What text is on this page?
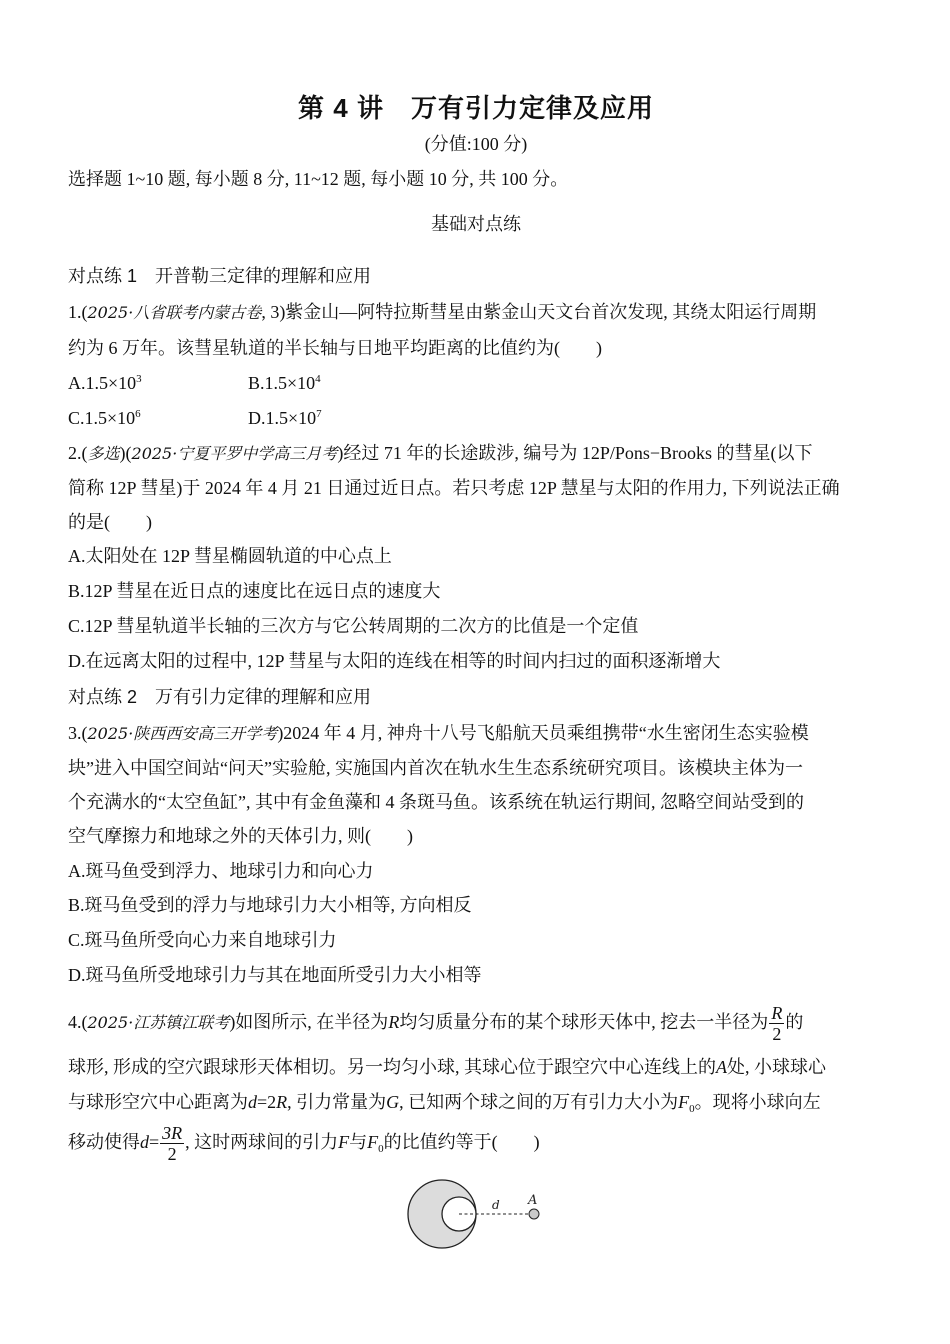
第 4 讲　万有引力定律及应用
(分值:100 分)
选择题 1~10 题, 每小题 8 分, 11~12 题, 每小题 10 分, 共 100 分。
基础对点练
对点练 1　 开普勒三定律的理解和应用
1.(2025·八省联考内蒙古卷, 3)紫金山—阿特拉斯彗星由紫金山天文台首次发现, 其绕太阳运行周期
约为 6 万年。该彗星轨道的半长轴与日地平均距离的比值约为( )
$A.1.5\times 10^3$	$B.1.5\times 10^4$
$C.1.5\times 10^6$	$D.1.5\times 10^7$
2.(多选)(2025·宁夏平罗中学高三月考)经过 71 年的长途跋涉, 编号为 12P/Pons−Brooks 的彗星(以下
简称 12P 彗星)于 2024 年 4 月 21 日通过近日点。若只考虑 12P 慧星与太阳的作用力, 下列说法正确
的是( )
A.太阳处在 12P 彗星椭圆轨道的中心点上
B.12P 彗星在近日点的速度比在远日点的速度大
C.12P 彗星轨道半长轴的三次方与它公转周期的二次方的比值是一个定值
D.在远离太阳的过程中, 12P 彗星与太阳的连线在相等的时间内扫过的面积逐渐增大
对点练 2　 万有引力定律的理解和应用
3.(2025·陕西西安高三开学考)2024 年 4 月, 神舟十八号飞船航天员乘组携带“水生密闭生态实验模
块”进入中国空间站“问天”实验舱, 实施国内首次在轨水生生态系统研究项目。该模块主体为一
个充满水的“太空鱼缸”, 其中有金鱼藻和 4 条斑马鱼。该系统在轨运行期间, 忽略空间站受到的
空气摩擦力和地球之外的天体引力, 则( )
A.斑马鱼受到浮力、地球引力和向心力
B.斑马鱼受到的浮力与地球引力大小相等, 方向相反
C.斑马鱼所受向心力来自地球引力
D.斑马鱼所受地球引力与其在地面所受引力大小相等
4.(2025·江苏镇江联考)如图所示, 在半径为R均匀质量分布的某个球形天体中, 挖去一半径为 $\frac{R}{2}$ 的
球形, 形成的空穴跟球形天体相切。另一均匀小球, 其球心位于跟空穴中心连线上的A处, 小球球心
与球形空穴中心距离为d=2R, 引力常量为G, 已知两个球之间的万有引力大小为$F_0$。现将小球向左
移动使得$d= \frac{3R}{2}$ , 这时两球间的引力F与$F_0$的比值约等于( )
d A
